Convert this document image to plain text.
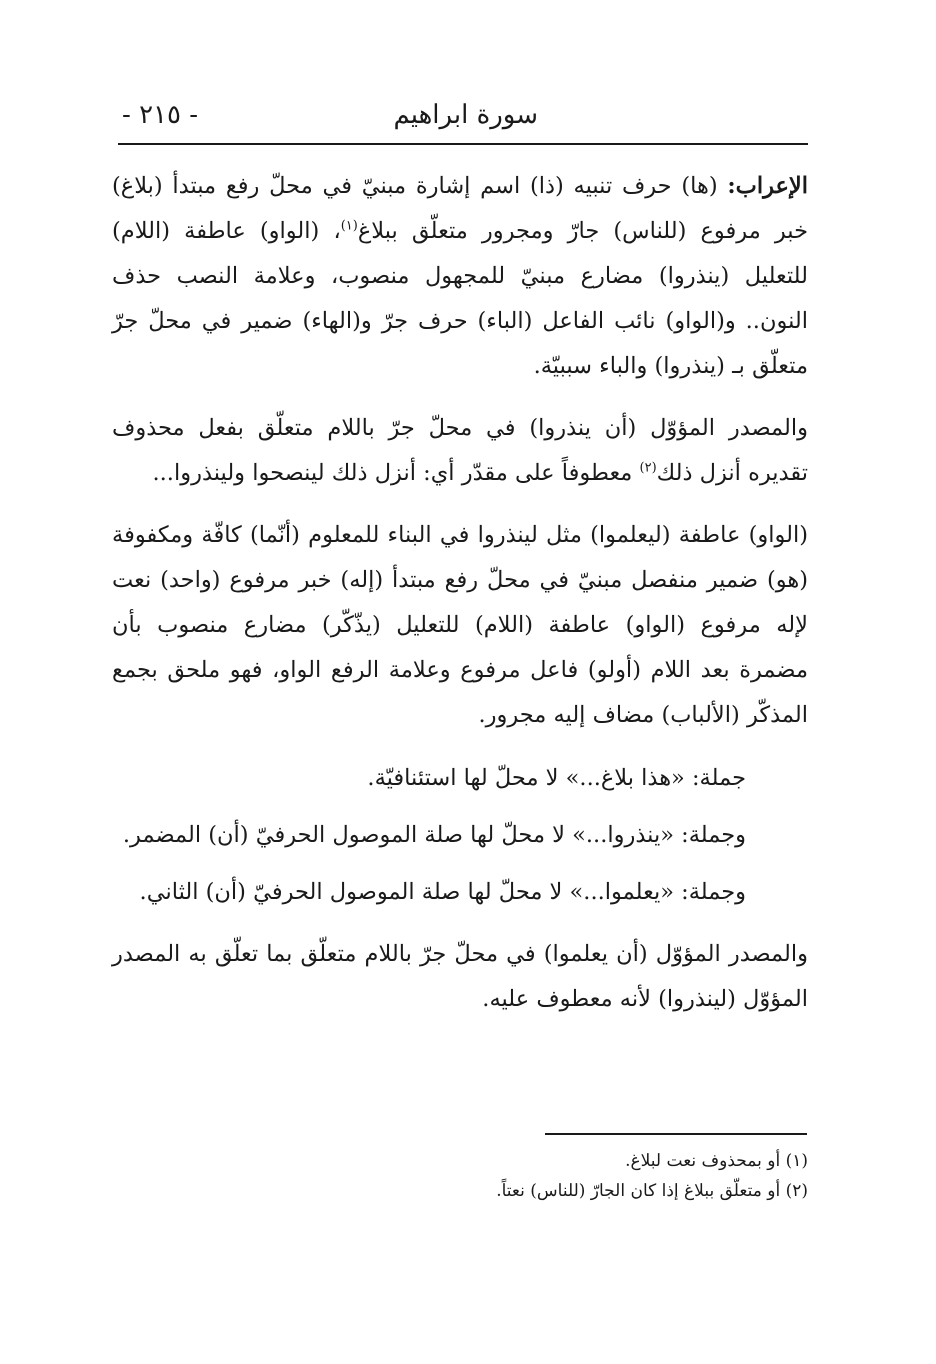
سورة ابراهيم
- ٢١٥ -

الإعراب: (ها) حرف تنبيه (ذا) اسم إشارة مبنيّ في محلّ رفع مبتدأ (بلاغ) خبر مرفوع (للناس) جارّ ومجرور متعلّق ببلاغ$^{(١)}$، (الواو) عاطفة (اللام) للتعليل (ينذروا) مضارع مبنيّ للمجهول منصوب، وعلامة النصب حذف النون.. و(الواو) نائب الفاعل (الباء) حرف جرّ و(الهاء) ضمير في محلّ جرّ متعلّق بـ (ينذروا) والباء سببيّة.

والمصدر المؤوّل (أن ينذروا) في محلّ جرّ باللام متعلّق بفعل محذوف تقديره أنزل ذلك$^{(٢)}$ معطوفاً على مقدّر أي: أنزل ذلك لينصحوا ولينذروا...

(الواو) عاطفة (ليعلموا) مثل لينذروا في البناء للمعلوم (أنّما) كافّة ومكفوفة (هو) ضمير منفصل مبنيّ في محلّ رفع مبتدأ (إله) خبر مرفوع (واحد) نعت لإله مرفوع (الواو) عاطفة (اللام) للتعليل (يذّكّر) مضارع منصوب بأن مضمرة بعد اللام (أولو) فاعل مرفوع وعلامة الرفع الواو، فهو ملحق بجمع المذكّر (الألباب) مضاف إليه مجرور.

جملة: «هذا بلاغ...» لا محلّ لها استئنافيّة.

وجملة: «ينذروا...» لا محلّ لها صلة الموصول الحرفيّ (أن) المضمر.

وجملة: «يعلموا...» لا محلّ لها صلة الموصول الحرفيّ (أن) الثاني.

والمصدر المؤوّل (أن يعلموا) في محلّ جرّ باللام متعلّق بما تعلّق به المصدر المؤوّل (لينذروا) لأنه معطوف عليه.

(١) أو بمحذوف نعت لبلاغ.

(٢) أو متعلّق ببلاغ إذا كان الجارّ (للناس) نعتاً.
